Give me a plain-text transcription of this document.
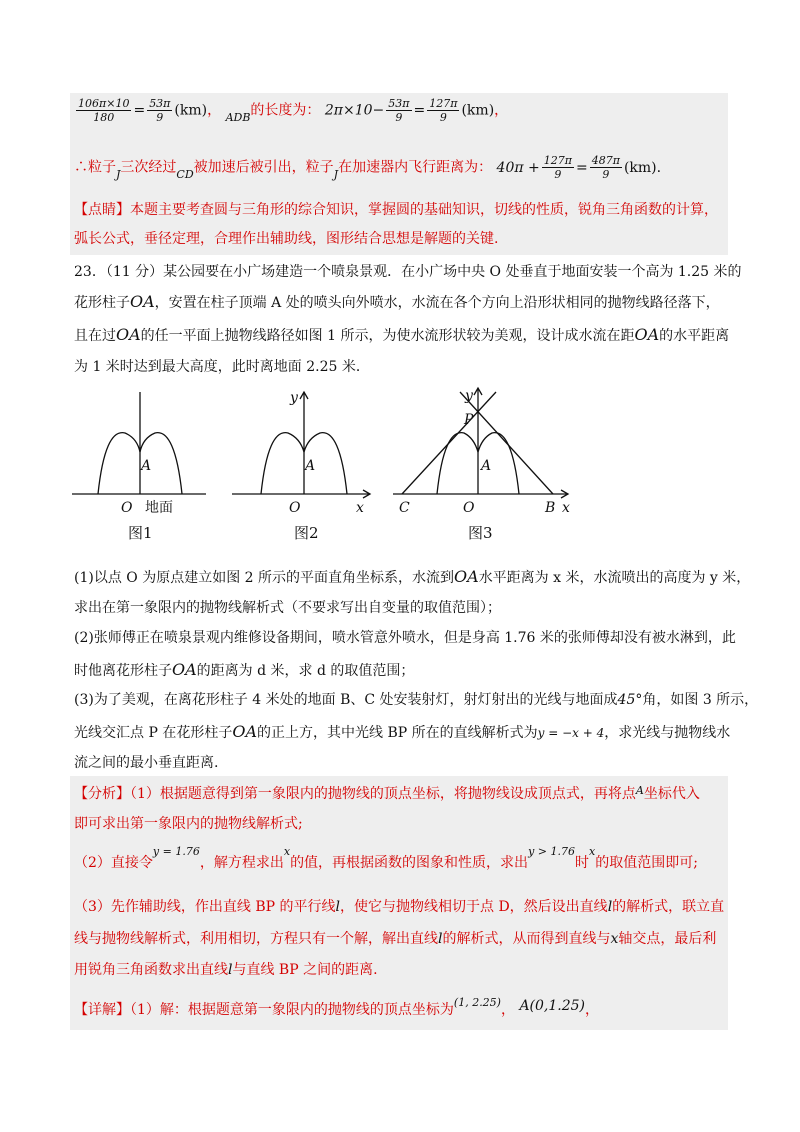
$\frac{106\pi\times 10}{180} = \frac{53\pi}{9} (km)$， $_{ADB}$的长度为： $2\pi\times 10- \frac{53\pi}{9} = \frac{127\pi}{9} (km)$，
∴粒子$_J$三次经过$_{CD}$被加速后被引出，粒子$_J$在加速器内飞行距离为： $40\pi + \frac{127\pi}{9} = \frac{487\pi}{9} (km)$.
【点睛】本题主要考查圆与三角形的综合知识，掌握圆的基础知识，切线的性质，锐角三角函数的计算，
弧长公式，垂径定理，合理作出辅助线，图形结合思想是解题的关键.
23．（11 分）某公园要在小广场建造一个喷泉景观．在小广场中央 O 处垂直于地面安装一个高为 1.25 米的
花形柱子OA，安置在柱子顶端 A 处的喷头向外喷水，水流在各个方向上沿形状相同的抛物线路径落下，
且在过OA的任一平面上抛物线路径如图 1 所示，为使水流形状较为美观，设计成水流在距OA的水平距离
为 1 米时达到最大高度，此时离地面 2.25 米．
A
O 地面
图1
A
O	x
y
图2
A
O
P
C	B x
y
图3
(1)以点 O 为原点建立如图 2 所示的平面直角坐标系，水流到OA水平距离为 x 米，水流喷出的高度为 y 米，
求出在第一象限内的抛物线解析式（不要求写出自变量的取值范围）；
(2)张师傅正在喷泉景观内维修设备期间，喷水管意外喷水，但是身高 1.76 米的张师傅却没有被水淋到，此
时他离花形柱子OA的距离为 d 米，求 d 的取值范围；
(3)为了美观，在离花形柱子 4 米处的地面 B、C 处安装射灯，射灯射出的光线与地面成45°角，如图 3 所示，
光线交汇点 P 在花形柱子OA的正上方，其中光线 BP 所在的直线解析式为y = −x + 4，求光线与抛物线水
流之间的最小垂直距离.
【分析】（1）根据题意得到第一象限内的抛物线的顶点坐标，将抛物线设成顶点式，再将点$^A$坐标代入
即可求出第一象限内的抛物线解析式;
（2）直接令$^{y = 1.76}$，解方程求出$^x$的值，再根据函数的图象和性质，求出$^{y > 1.76}$时$^x$的取值范围即可;
（3）先作辅助线，作出直线 BP 的平行线l，使它与抛物线相切于点 D，然后设出直线l的解析式，联立直
线与抛物线解析式，利用相切，方程只有一个解，解出直线l的解析式，从而得到直线与x轴交点，最后利
用锐角三角函数求出直线l与直线 BP 之间的距离.
【详解】（1）解：根据题意第一象限内的抛物线的顶点坐标为$^{(1, 2.25)}$， A(0,1.25)，
